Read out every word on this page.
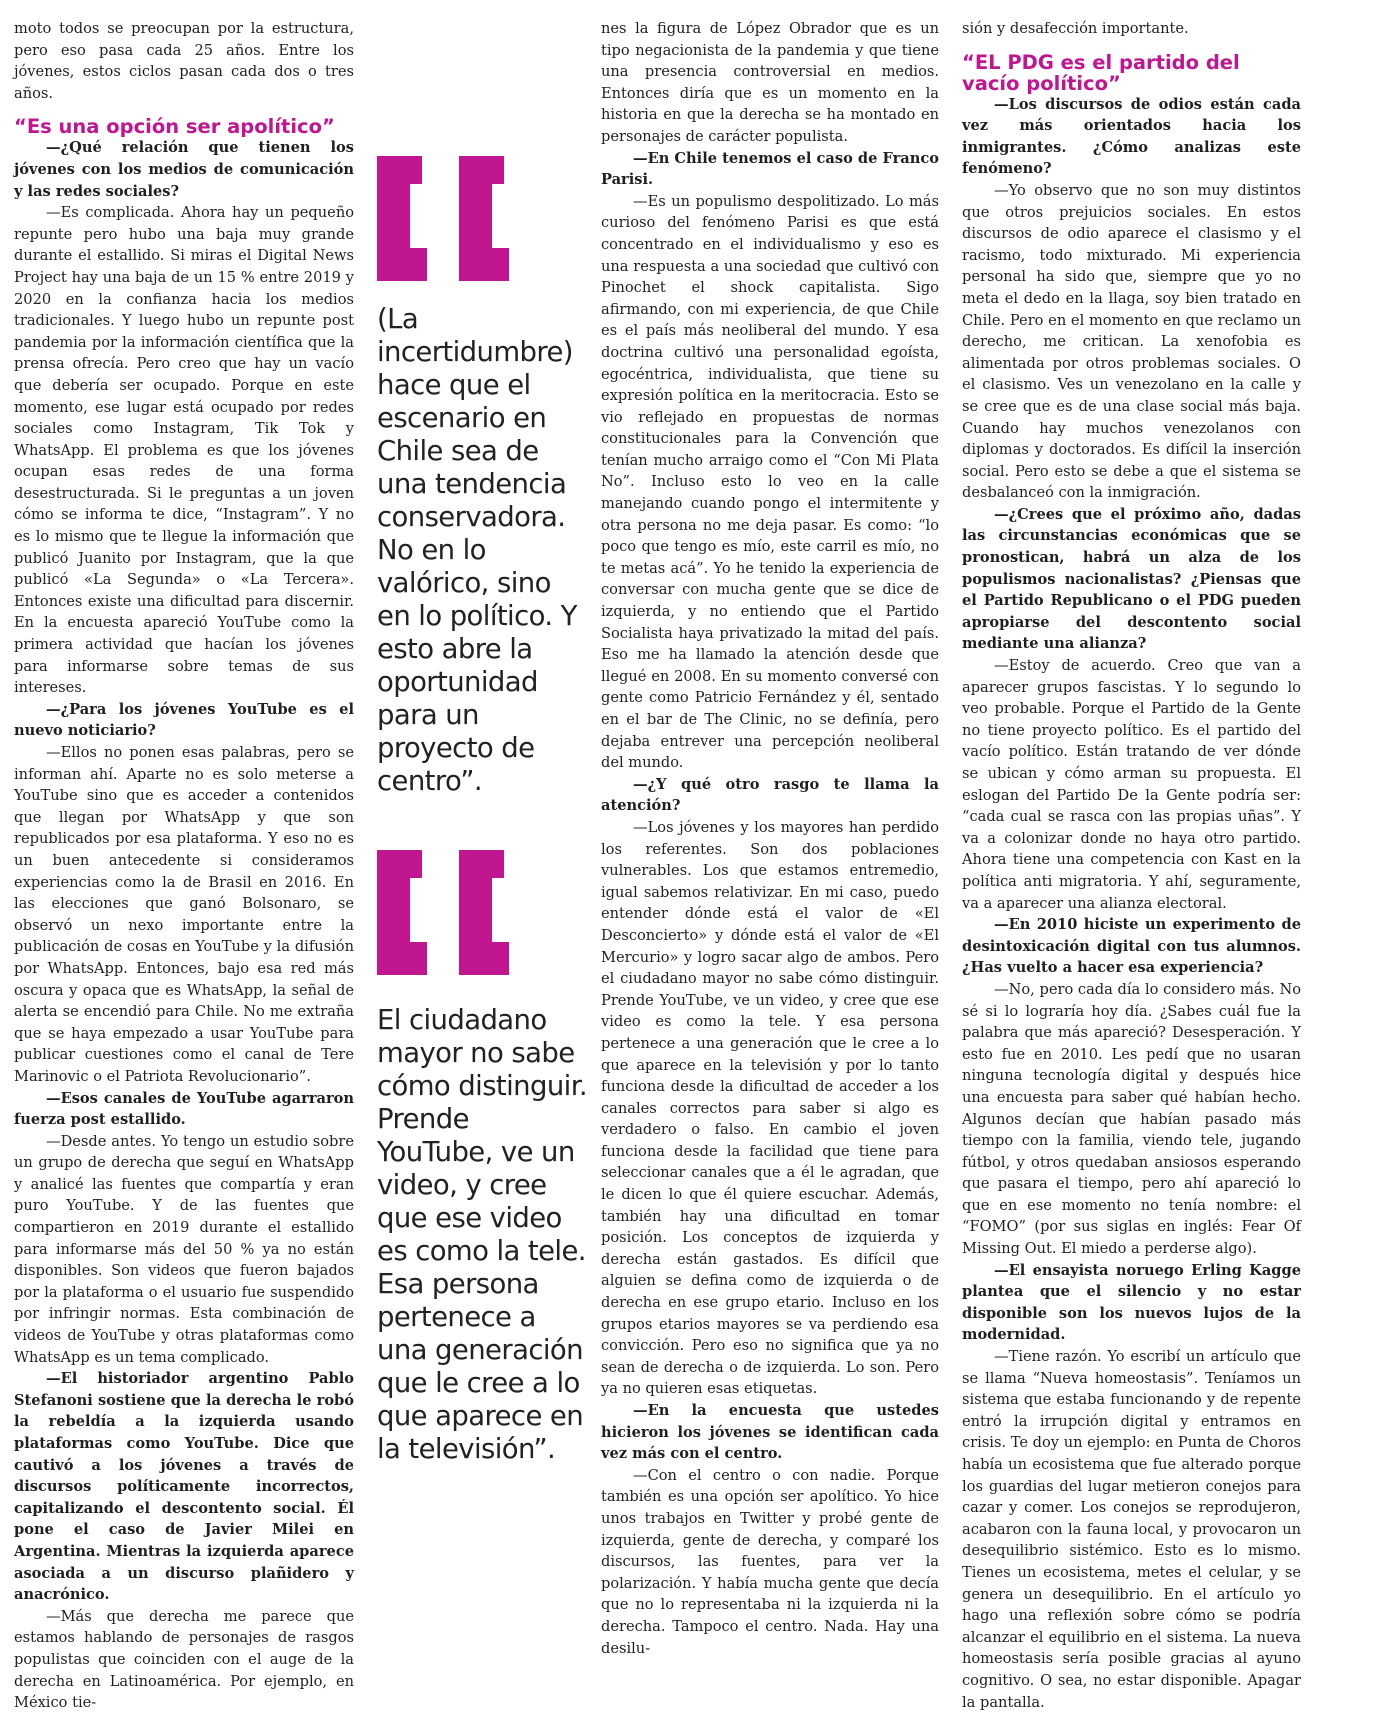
moto todos se preocupan por la estructura, pero eso pasa cada 25 años. Entre los jóvenes, estos ciclos pasan cada dos o tres años.

“Es una opción ser apolítico”

—¿Qué relación que tienen los jóvenes con los medios de comunicación y las redes sociales?

—Es complicada. Ahora hay un pequeño repunte pero hubo una baja muy grande durante el estallido. Si miras el Digital News Project hay una baja de un 15 % entre 2019 y 2020 en la confianza hacia los medios tradicionales. Y luego hubo un repunte post pandemia por la información científica que la prensa ofrecía. Pero creo que hay un vacío que debería ser ocupado. Porque en este momento, ese lugar está ocupado por redes sociales como Instagram, Tik Tok y WhatsApp. El problema es que los jóvenes ocupan esas redes de una forma desestructurada. Si le preguntas a un joven cómo se informa te dice, “Instagram”. Y no es lo mismo que te llegue la información que publicó Juanito por Instagram, que la que publicó «La Segunda» o «La Tercera». Entonces existe una dificultad para discernir. En la encuesta apareció YouTube como la primera actividad que hacían los jóvenes para informarse sobre temas de sus intereses.

—¿Para los jóvenes YouTube es el nuevo noticiario?

—Ellos no ponen esas palabras, pero se informan ahí. Aparte no es solo meterse a YouTube sino que es acceder a contenidos que llegan por WhatsApp y que son republicados por esa plataforma. Y eso no es un buen antecedente si consideramos experiencias como la de Brasil en 2016. En las elecciones que ganó Bolsonaro, se observó un nexo importante entre la publicación de cosas en YouTube y la difusión por WhatsApp. Entonces, bajo esa red más oscura y opaca que es WhatsApp, la señal de alerta se encendió para Chile. No me extraña que se haya empezado a usar YouTube para publicar cuestiones como el canal de Tere Marinovic o el Patriota Revolucionario”.

—Esos canales de YouTube agarraron fuerza post estallido.

—Desde antes. Yo tengo un estudio sobre un grupo de derecha que seguí en WhatsApp y analicé las fuentes que compartía y eran puro YouTube. Y de las fuentes que compartieron en 2019 durante el estallido para informarse más del 50 % ya no están disponibles. Son videos que fueron bajados por la plataforma o el usuario fue suspendido por infringir normas. Esta combinación de videos de YouTube y otras plataformas como WhatsApp es un tema complicado.

—El historiador argentino Pablo Stefanoni sostiene que la derecha le robó la rebeldía a la izquierda usando plataformas como YouTube. Dice que cautivó a los jóvenes a través de discursos políticamente incorrectos, capitalizando el descontento social. Él pone el caso de Javier Milei en Argentina. Mientras la izquierda aparece asociada a un discurso plañidero y anacrónico.

—Más que derecha me parece que estamos hablando de personajes de rasgos populistas que coinciden con el auge de la derecha en Latinoamérica. Por ejemplo, en México tie-

(La incertidumbre) hace que el escenario en Chile sea de una tendencia conservadora. No en lo valórico, sino en lo político. Y esto abre la oportunidad para un proyecto de centro”.
El ciudadano mayor no sabe cómo distinguir. Prende YouTube, ve un video, y cree que ese video es como la tele. Esa persona pertenece a una generación que le cree a lo que aparece en la televisión”.

nes la figura de López Obrador que es un tipo negacionista de la pandemia y que tiene una presencia controversial en medios. Entonces diría que es un momento en la historia en que la derecha se ha montado en personajes de carácter populista.

—En Chile tenemos el caso de Franco Parisi.

—Es un populismo despolitizado. Lo más curioso del fenómeno Parisi es que está concentrado en el individualismo y eso es una respuesta a una sociedad que cultivó con Pinochet el shock capitalista. Sigo afirmando, con mi experiencia, de que Chile es el país más neoliberal del mundo. Y esa doctrina cultivó una personalidad egoísta, egocéntrica, individualista, que tiene su expresión política en la meritocracia. Esto se vio reflejado en propuestas de normas constitucionales para la Convención que tenían mucho arraigo como el “Con Mi Plata No”. Incluso esto lo veo en la calle manejando cuando pongo el intermitente y otra persona no me deja pasar. Es como: “lo poco que tengo es mío, este carril es mío, no te metas acá”. Yo he tenido la experiencia de conversar con mucha gente que se dice de izquierda, y no entiendo que el Partido Socialista haya privatizado la mitad del país. Eso me ha llamado la atención desde que llegué en 2008. En su momento conversé con gente como Patricio Fernández y él, sentado en el bar de The Clinic, no se definía, pero dejaba entrever una percepción neoliberal del mundo.

—¿Y qué otro rasgo te llama la atención?

—Los jóvenes y los mayores han perdido los referentes. Son dos poblaciones vulnerables. Los que estamos entremedio, igual sabemos relativizar. En mi caso, puedo entender dónde está el valor de «El Desconcierto» y dónde está el valor de «El Mercurio» y logro sacar algo de ambos. Pero el ciudadano mayor no sabe cómo distinguir. Prende YouTube, ve un video, y cree que ese video es como la tele. Y esa persona pertenece a una generación que le cree a lo que aparece en la televisión y por lo tanto funciona desde la dificultad de acceder a los canales correctos para saber si algo es verdadero o falso. En cambio el joven funciona desde la facilidad que tiene para seleccionar canales que a él le agradan, que le dicen lo que él quiere escuchar. Además, también hay una dificultad en tomar posición. Los conceptos de izquierda y derecha están gastados. Es difícil que alguien se defina como de izquierda o de derecha en ese grupo etario. Incluso en los grupos etarios mayores se va perdiendo esa convicción. Pero eso no significa que ya no sean de derecha o de izquierda. Lo son. Pero ya no quieren esas etiquetas.

—En la encuesta que ustedes hicieron los jóvenes se identifican cada vez más con el centro.

—Con el centro o con nadie. Porque también es una opción ser apolítico. Yo hice unos trabajos en Twitter y probé gente de izquierda, gente de derecha, y comparé los discursos, las fuentes, para ver la polarización. Y había mucha gente que decía que no lo representaba ni la izquierda ni la derecha. Tampoco el centro. Nada. Hay una desilu-

sión y desafección importante.

“EL PDG es el partido del vacío político”

—Los discursos de odios están cada vez más orientados hacia los inmigrantes. ¿Cómo analizas este fenómeno?

—Yo observo que no son muy distintos que otros prejuicios sociales. En estos discursos de odio aparece el clasismo y el racismo, todo mixturado. Mi experiencia personal ha sido que, siempre que yo no meta el dedo en la llaga, soy bien tratado en Chile. Pero en el momento en que reclamo un derecho, me critican. La xenofobia es alimentada por otros problemas sociales. O el clasismo. Ves un venezolano en la calle y se cree que es de una clase social más baja. Cuando hay muchos venezolanos con diplomas y doctorados. Es difícil la inserción social. Pero esto se debe a que el sistema se desbalanceó con la inmigración.

—¿Crees que el próximo año, dadas las circunstancias económicas que se pronostican, habrá un alza de los populismos nacionalistas? ¿Piensas que el Partido Republicano o el PDG pueden apropiarse del descontento social mediante una alianza?

—Estoy de acuerdo. Creo que van a aparecer grupos fascistas. Y lo segundo lo veo probable. Porque el Partido de la Gente no tiene proyecto político. Es el partido del vacío político. Están tratando de ver dónde se ubican y cómo arman su propuesta. El eslogan del Partido De la Gente podría ser: “cada cual se rasca con las propias uñas”. Y va a colonizar donde no haya otro partido. Ahora tiene una competencia con Kast en la política anti migratoria. Y ahí, seguramente, va a aparecer una alianza electoral.

—En 2010 hiciste un experimento de desintoxicación digital con tus alumnos. ¿Has vuelto a hacer esa experiencia?

—No, pero cada día lo considero más. No sé si lo lograría hoy día. ¿Sabes cuál fue la palabra que más apareció? Desesperación. Y esto fue en 2010. Les pedí que no usaran ninguna tecnología digital y después hice una encuesta para saber qué habían hecho. Algunos decían que habían pasado más tiempo con la familia, viendo tele, jugando fútbol, y otros quedaban ansiosos esperando que pasara el tiempo, pero ahí apareció lo que en ese momento no tenía nombre: el “FOMO” (por sus siglas en inglés: Fear Of Missing Out. El miedo a perderse algo).

—El ensayista noruego Erling Kagge plantea que el silencio y no estar disponible son los nuevos lujos de la modernidad.

—Tiene razón. Yo escribí un artículo que se llama “Nueva homeostasis”. Teníamos un sistema que estaba funcionando y de repente entró la irrupción digital y entramos en crisis. Te doy un ejemplo: en Punta de Choros había un ecosistema que fue alterado porque los guardias del lugar metieron conejos para cazar y comer. Los conejos se reprodujeron, acabaron con la fauna local, y provocaron un desequilibrio sistémico. Esto es lo mismo. Tienes un ecosistema, metes el celular, y se genera un desequilibrio. En el artículo yo hago una reflexión sobre cómo se podría alcanzar el equilibrio en el sistema. La nueva homeostasis sería posible gracias al ayuno cognitivo. O sea, no estar disponible. Apagar la pantalla.
